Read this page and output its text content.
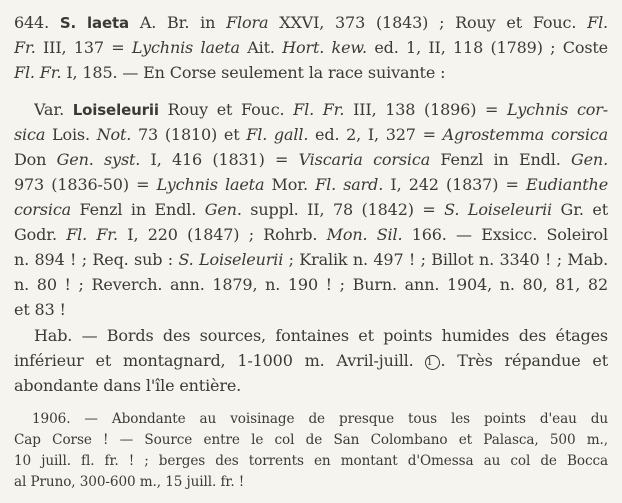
644. S. laeta A. Br. in Flora XXVI, 373 (1843) ; Rouy et Fouc. Fl.
Fr. III, 137 = Lychnis laeta Ait. Hort. kew. ed. 1, II, 118 (1789) ; Coste
Fl. Fr. I, 185. — En Corse seulement la race suivante :
Var. Loiseleurii Rouy et Fouc. Fl. Fr. III, 138 (1896) = Lychnis cor-
sica Lois. Not. 73 (1810) et Fl. gall. ed. 2, I, 327 = Agrostemma corsica
Don Gen. syst. I, 416 (1831) = Viscaria corsica Fenzl in Endl. Gen.
973 (1836-50) = Lychnis laeta Mor. Fl. sard. I, 242 (1837) = Eudianthe
corsica Fenzl in Endl. Gen. suppl. II, 78 (1842) = S. Loiseleurii Gr. et
Godr. Fl. Fr. I, 220 (1847) ; Rohrb. Mon. Sil. 166. — Exsicc. Soleirol
n. 894 ! ; Req. sub : S. Loiseleurii ; Kralik n. 497 ! ; Billot n. 3340 ! ; Mab.
n. 80 ! ; Reverch. ann. 1879, n. 190 ! ; Burn. ann. 1904, n. 80, 81, 82
et 83 !
Hab. — Bords des sources, fontaines et points humides des étages
inférieur et montagnard, 1-1000 m. Avril-juill. 1 . Très répandue et
abondante dans l'île entière.
1906. — Abondante au voisinage de presque tous les points d'eau du
Cap Corse ! — Source entre le col de San Colombano et Palasca, 500 m.,
10 juill. fl. fr. ! ; berges des torrents en montant d'Omessa au col de Bocca
al Pruno, 300-600 m., 15 juill. fr. !
